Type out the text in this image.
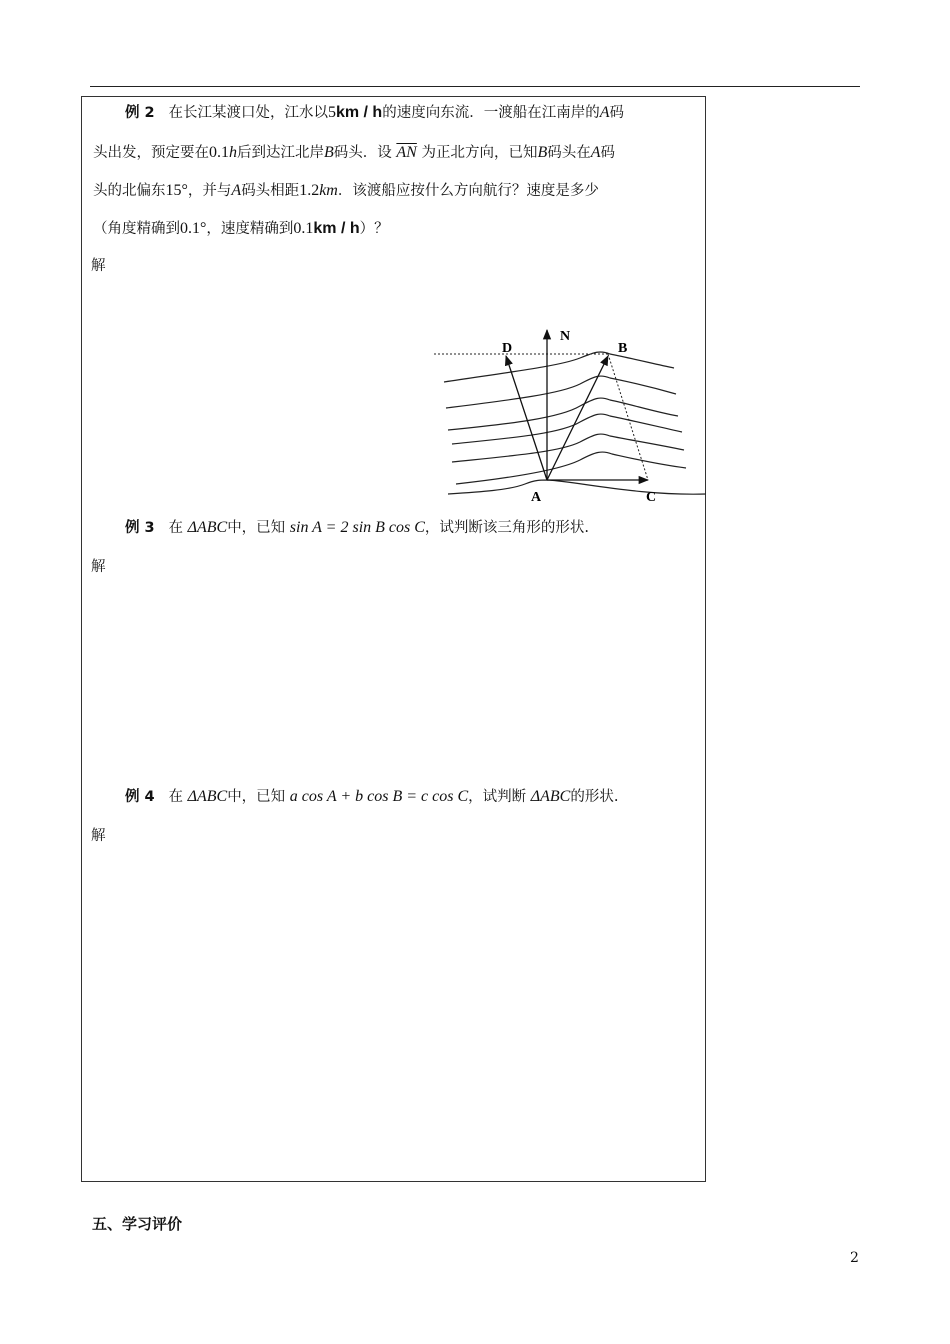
例 2 在长江某渡口处，江水以5km / h的速度向东流．一渡船在江南岸的A码
头出发，预定要在0.1h后到达江北岸B码头．设 $\overline{AN}$ 为正北方向，已知B码头在A码
头的北偏东15°，并与A码头相距1.2km．该渡船应按什么方向航行？速度是多少
（角度精确到0.1°，速度精确到0.1km / h）？
解
A
B
C
D
N
例 3 在 ΔABC中，已知 sin A = 2 sin B cos C，试判断该三角形的形状.
解
例 4 在 ΔABC中，已知 a cos A + b cos B = c cos C，试判断 ΔABC的形状.
解
五、学习评价
2
